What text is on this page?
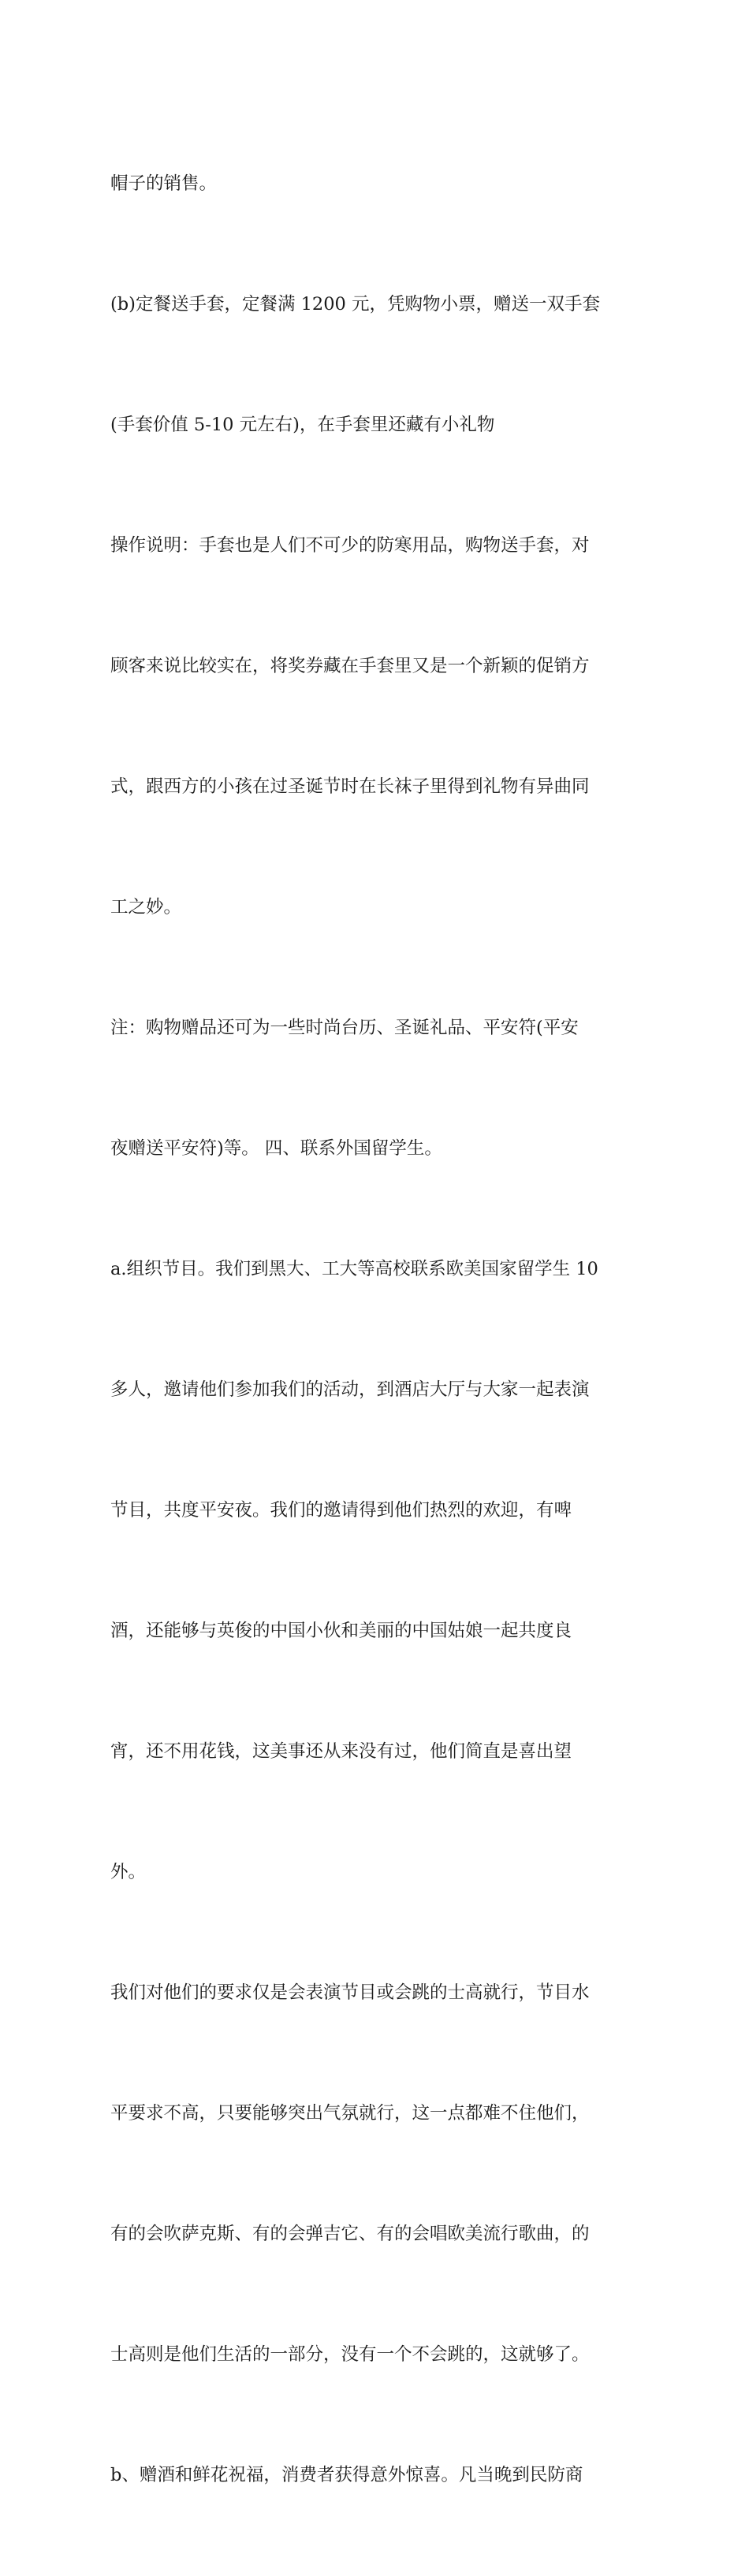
帽子的销售。

(b)定餐送手套，定餐满 1200 元，凭购物小票，赠送一双手套

(手套价值 5-10 元左右)，在手套里还藏有小礼物

操作说明：手套也是人们不可少的防寒用品，购物送手套，对

顾客来说比较实在，将奖券藏在手套里又是一个新颖的促销方

式，跟西方的小孩在过圣诞节时在长袜子里得到礼物有异曲同

工之妙。

注：购物赠品还可为一些时尚台历、圣诞礼品、平安符(平安

夜赠送平安符)等。 四、联系外国留学生。

a.组织节目。我们到黑大、工大等高校联系欧美国家留学生 10

多人，邀请他们参加我们的活动，到酒店大厅与大家一起表演

节目，共度平安夜。我们的邀请得到他们热烈的欢迎，有啤

酒，还能够与英俊的中国小伙和美丽的中国姑娘一起共度良

宵，还不用花钱，这美事还从来没有过，他们简直是喜出望

外。

我们对他们的要求仅是会表演节目或会跳的士高就行，节目水

平要求不高，只要能够突出气氛就行，这一点都难不住他们，

有的会吹萨克斯、有的会弹吉它、有的会唱欧美流行歌曲，的

士高则是他们生活的一部分，没有一个不会跳的，这就够了。

b、赠酒和鲜花祝福，消费者获得意外惊喜。凡当晚到民防商
